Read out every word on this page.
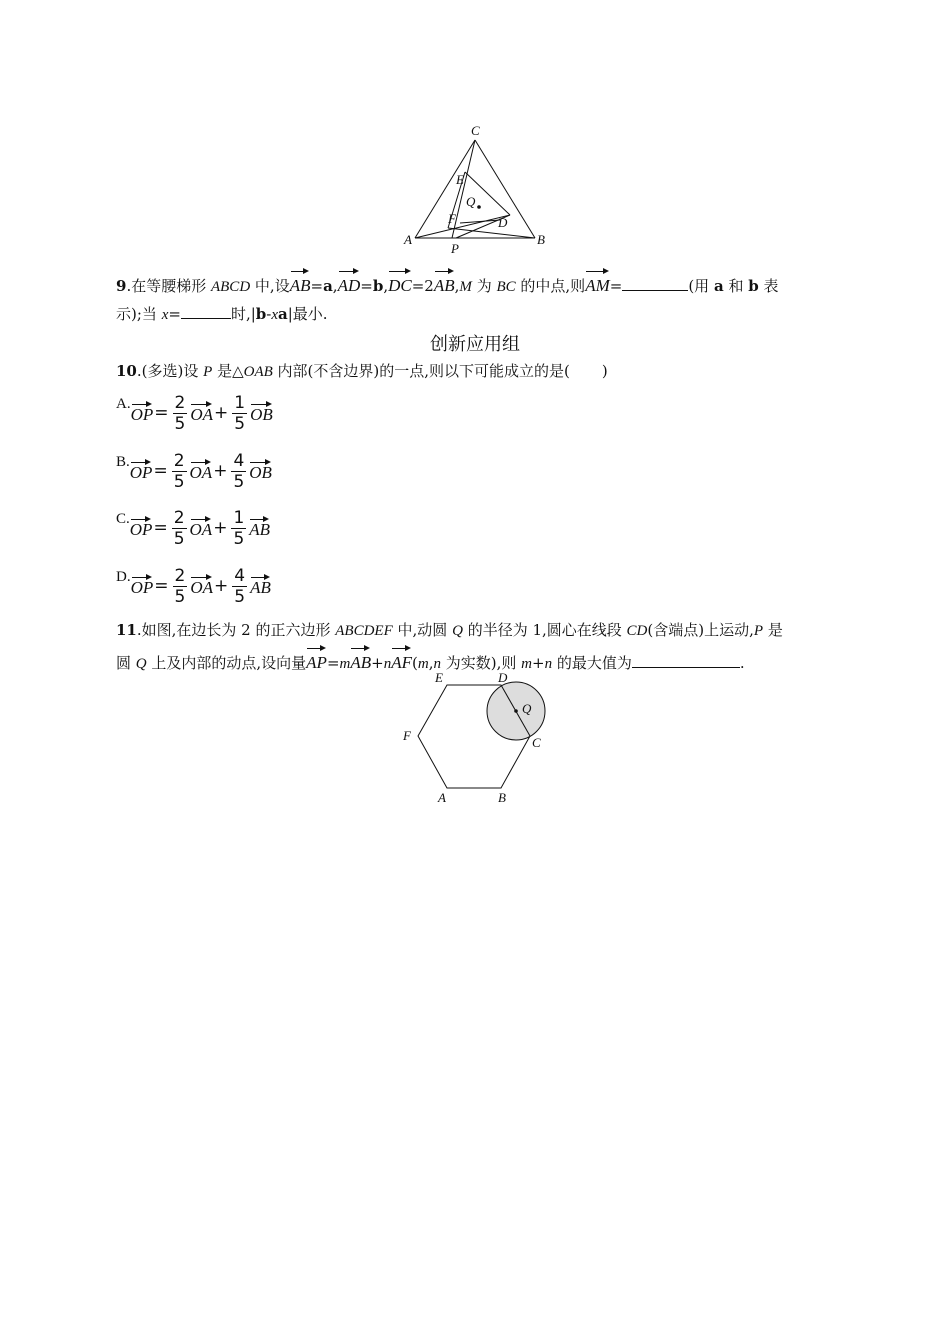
C
E
Q
F	D
A
P
B
9.在等腰梯形 ABCD 中,设AB=a,AD=b,DC=2AB,M 为 BC 的中点,则AM=	(用 a 和 b 表
示);当 x=	时,|b-xa|最小.
创新应用组
10.(多选)设 P 是△OAB 内部(不含边界)的一点,则以下可能成立的是( )
A.
OP = $\frac{2}{5}$ OA + $\frac{1}{5}$ OB
B.
OP = $\frac{2}{5}$ OA + $\frac{4}{5}$ OB
C.
OP = $\frac{2}{5}$ OA + $\frac{1}{5}$ AB
D.
OP = $\frac{2}{5}$ OA + $\frac{4}{5}$ AB
11.如图,在边长为 2 的正六边形 ABCDEF 中,动圆 Q 的半径为 1,圆心在线段 CD(含端点)上运动,P 是
圆 Q 上及内部的动点,设向量AP=mAB+nAF(m,n 为实数),则 m+n 的最大值为	.
E	D
Q
F	C
A	B
